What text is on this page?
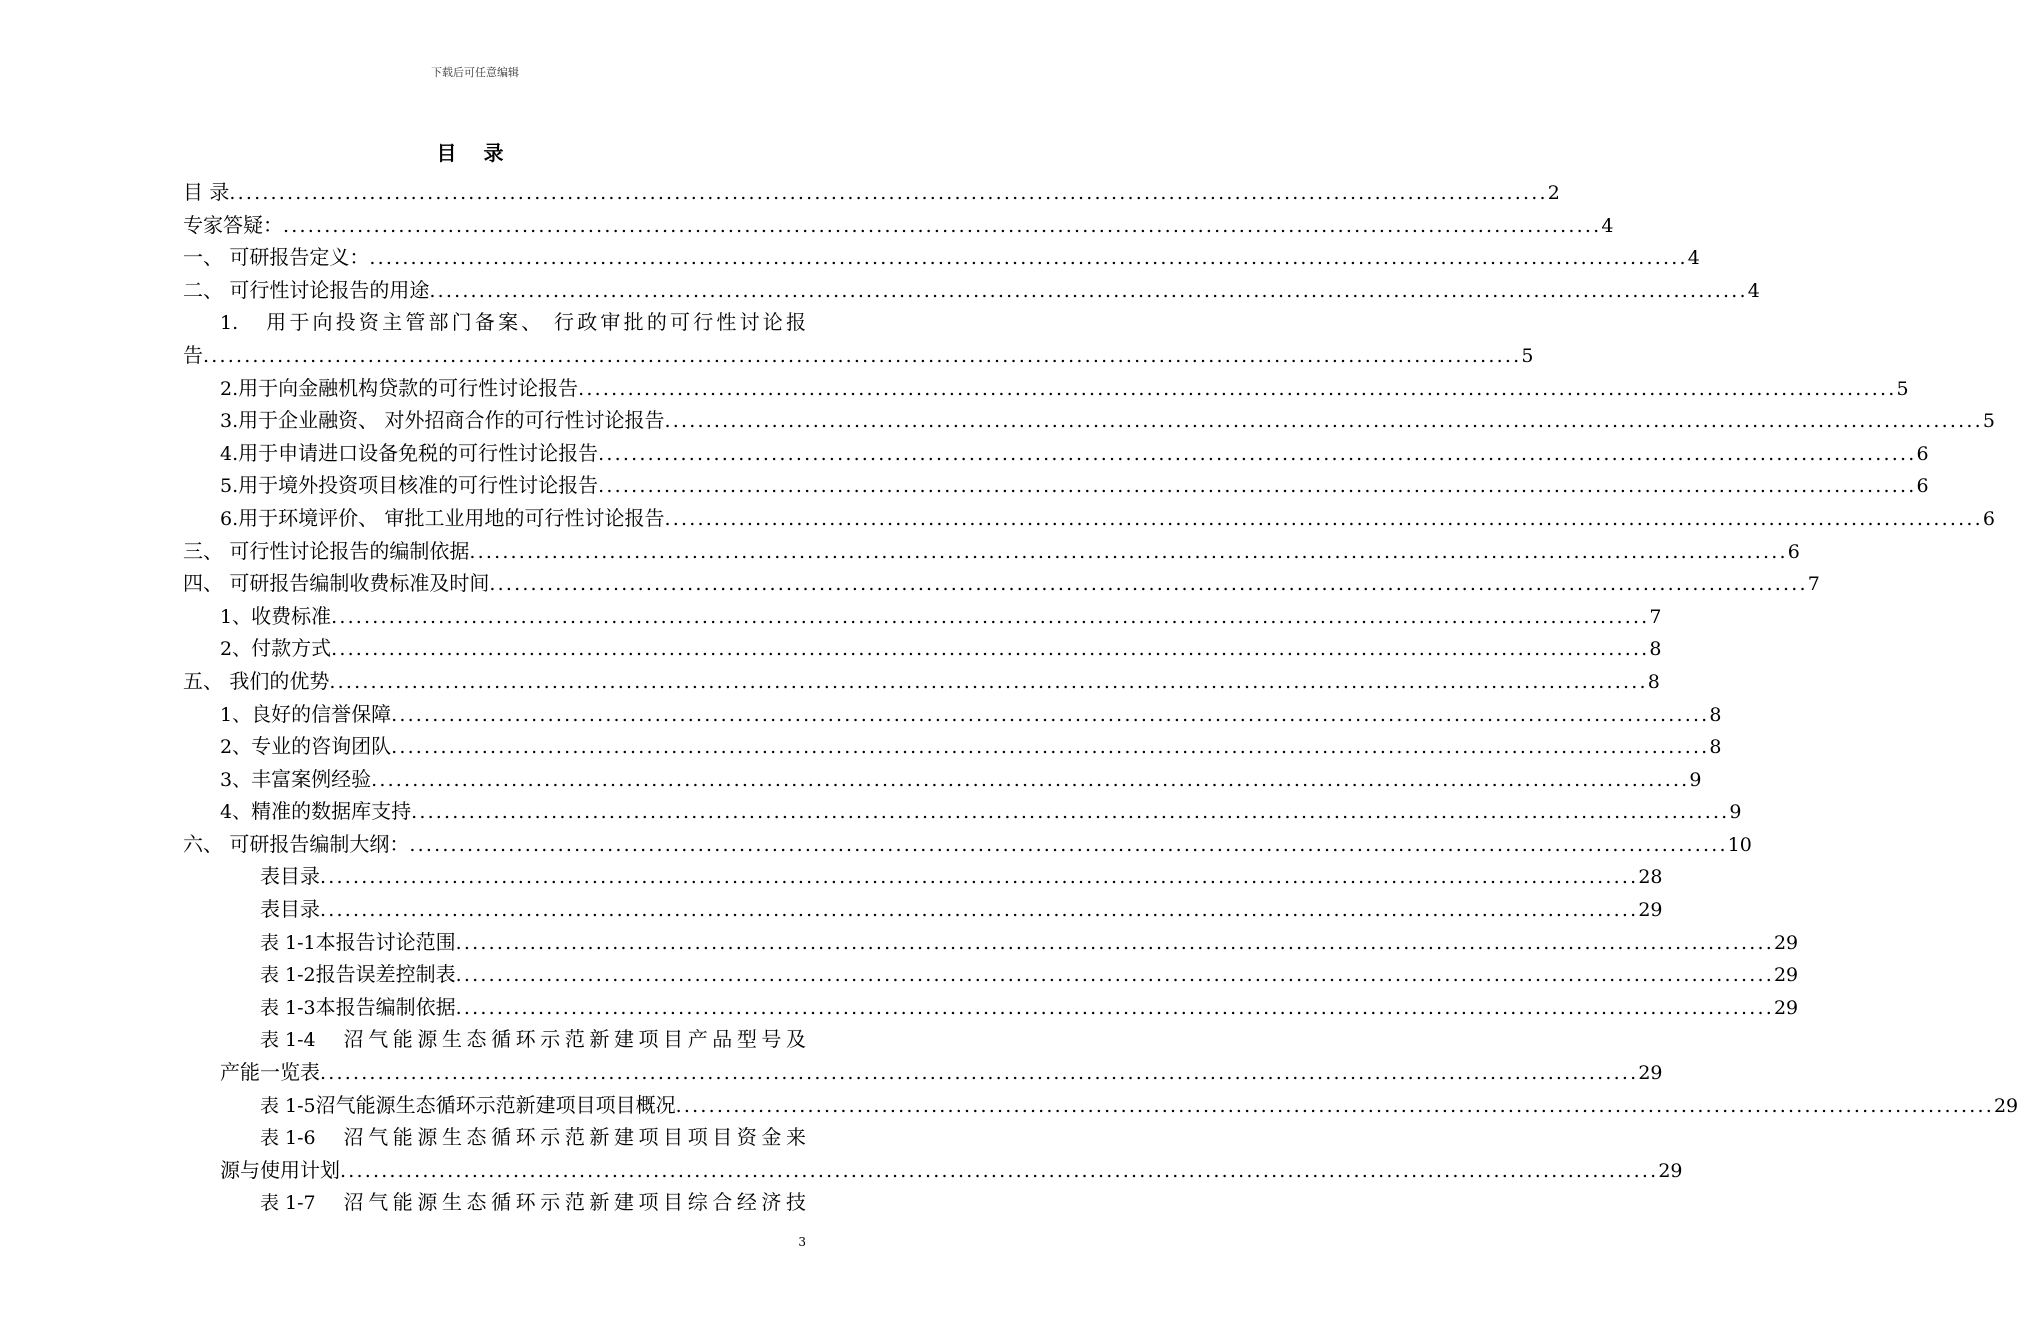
下载后可任意编辑
目 录
目 录 ................................................................................................................................................................ 2
专家答疑： ................................................................................................................................................................ 4
一、 可研报告定义： ................................................................................................................................................................ 4
二、 可行性讨论报告的用途 ................................................................................................................................................................ 4
1. 用于向投资主管部门备案、 行政审批的可行性讨论报
告 ................................................................................................................................................................ 5
2. 用于向金融机构贷款的可行性讨论报告 ................................................................................................................................................................ 5
3. 用于企业融资、 对外招商合作的可行性讨论报告 ................................................................................................................................................................ 5
4. 用于申请进口设备免税的可行性讨论报告 ................................................................................................................................................................ 6
5. 用于境外投资项目核准的可行性讨论报告 ................................................................................................................................................................ 6
6. 用于环境评价、 审批工业用地的可行性讨论报告 ................................................................................................................................................................ 6
三、 可行性讨论报告的编制依据 ................................................................................................................................................................ 6
四、 可研报告编制收费标准及时间 ................................................................................................................................................................ 7
1、 收费标准 ................................................................................................................................................................ 7
2、 付款方式 ................................................................................................................................................................ 8
五、 我们的优势 ................................................................................................................................................................ 8
1、 良好的信誉保障 ................................................................................................................................................................ 8
2、 专业的咨询团队 ................................................................................................................................................................ 8
3、 丰富案例经验 ................................................................................................................................................................ 9
4、 精准的数据库支持 ................................................................................................................................................................ 9
六、 可研报告编制大纲： ................................................................................................................................................................ 10
表目录 ................................................................................................................................................................ 28
表目录 ................................................................................................................................................................ 29
表 1-1 本报告讨论范围 ................................................................................................................................................................ 29
表 1-2 报告误差控制表 ................................................................................................................................................................ 29
表 1-3 本报告编制依据 ................................................................................................................................................................ 29
表 1-4 沼气能源生态循环示范新建项目产品型号及
产能一览表 ................................................................................................................................................................ 29
表 1-5 沼气能源生态循环示范新建项目项目概况 ................................................................................................................................................................ 29
表 1-6 沼气能源生态循环示范新建项目项目资金来
源与使用计划 ................................................................................................................................................................ 29
表 1-7 沼气能源生态循环示范新建项目综合经济技
3
